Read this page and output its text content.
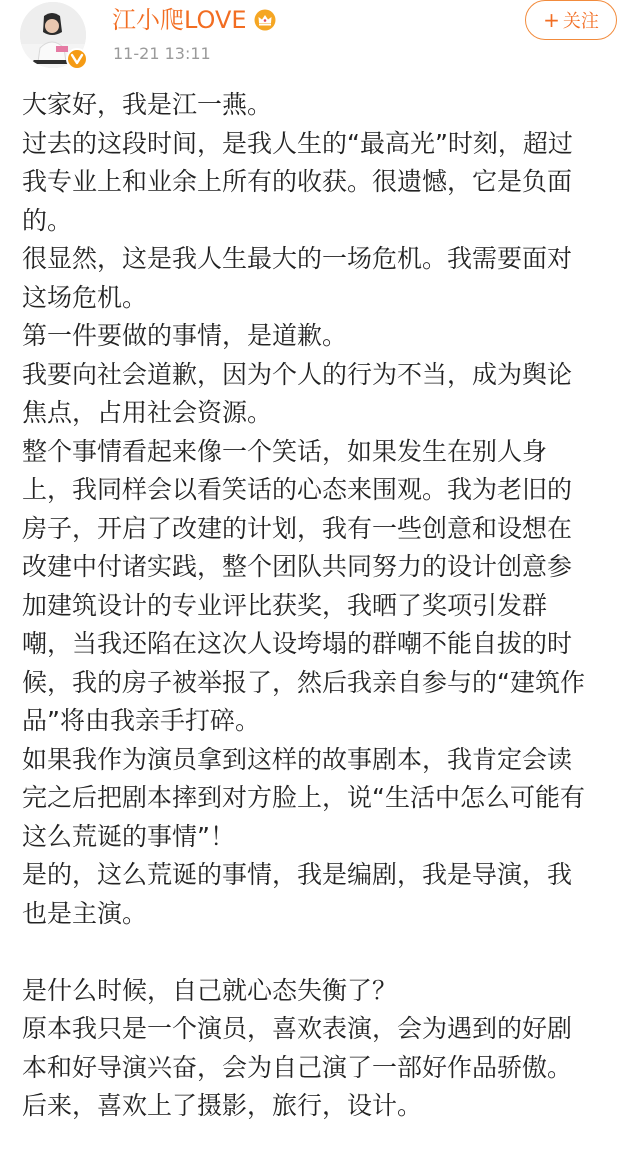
江小爬LOVE
11-21 13:11
+ 关注
大家好，我是江一燕。
过去的这段时间，是我人生的“最高光”时刻，超过
我专业上和业余上所有的收获。很遗憾，它是负面
的。
很显然，这是我人生最大的一场危机。我需要面对
这场危机。
第一件要做的事情，是道歉。
我要向社会道歉，因为个人的行为不当，成为舆论
焦点，占用社会资源。
整个事情看起来像一个笑话，如果发生在别人身
上，我同样会以看笑话的心态来围观。我为老旧的
房子，开启了改建的计划，我有一些创意和设想在
改建中付诸实践，整个团队共同努力的设计创意参
加建筑设计的专业评比获奖，我晒了奖项引发群
嘲，当我还陷在这次人设垮塌的群嘲不能自拔的时
候，我的房子被举报了，然后我亲自参与的“建筑作
品”将由我亲手打碎。
如果我作为演员拿到这样的故事剧本，我肯定会读
完之后把剧本摔到对方脸上，说“生活中怎么可能有
这么荒诞的事情”！
是的，这么荒诞的事情，我是编剧，我是导演，我
也是主演。
是什么时候，自己就心态失衡了？
原本我只是一个演员，喜欢表演，会为遇到的好剧
本和好导演兴奋，会为自己演了一部好作品骄傲。
后来，喜欢上了摄影，旅行，设计。
